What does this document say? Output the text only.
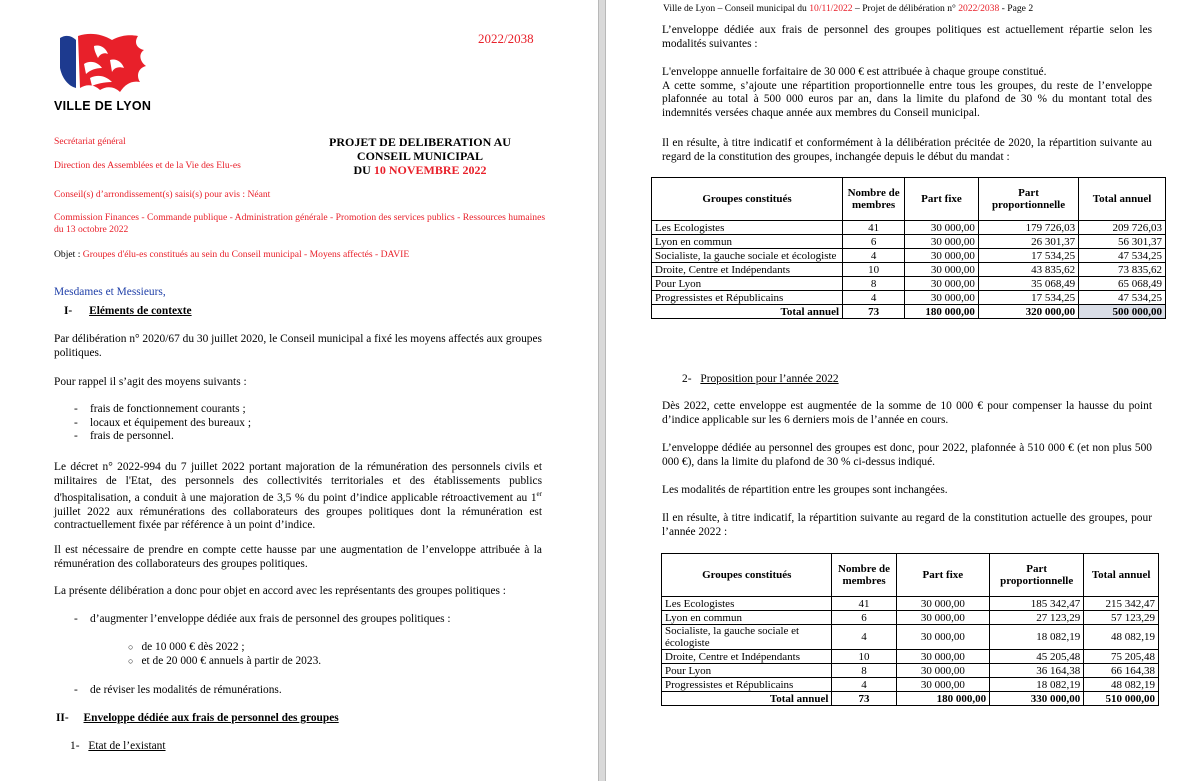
VILLE DE LYON
2022/2038
Secrétariat général
Direction des Assemblées et de la Vie des Elu-es
PROJET DE DELIBERATION AU
CONSEIL MUNICIPAL
DU 10 NOVEMBRE 2022
Conseil(s) d’arrondissement(s) saisi(s) pour avis : Néant
Commission Finances - Commande publique - Administration générale - Promotion des services publics - Ressources humaines du 13 octobre 2022
Objet : Groupes d'élu-es constitués au sein du Conseil municipal - Moyens affectés - DAVIE
Mesdames et Messieurs,
I- Eléments de contexte
Par délibération n° 2020/67 du 30 juillet 2020, le Conseil municipal a fixé les moyens affectés aux groupes politiques.
Pour rappel il s’agit des moyens suivants :
- frais de fonctionnement courants ;
- locaux et équipement des bureaux ;
- frais de personnel.
Le décret n° 2022-994 du 7 juillet 2022 portant majoration de la rémunération des personnels civils et militaires de l'Etat, des personnels des collectivités territoriales et des établissements publics d'hospitalisation, a conduit à une majoration de 3,5 % du point d’indice applicable rétroactivement au 1er juillet 2022 aux rémunérations des collaborateurs des groupes politiques dont la rémunération est contractuellement fixée par référence à un point d’indice.
Il est nécessaire de prendre en compte cette hausse par une augmentation de l’enveloppe attribuée à la rémunération des collaborateurs des groupes politiques.
La présente délibération a donc pour objet en accord avec les représentants des groupes politiques :
- d’augmenter l’enveloppe dédiée aux frais de personnel des groupes politiques :
○ de 10 000 € dès 2022 ;
○ et de 20 000 € annuels à partir de 2023.
- de réviser les modalités de rémunérations.
II- Enveloppe dédiée aux frais de personnel des groupes
1- Etat de l’existant
Ville de Lyon – Conseil municipal du 10/11/2022 – Projet de délibération n° 2022/2038 - Page 2
L’enveloppe dédiée aux frais de personnel des groupes politiques est actuellement répartie selon les modalités suivantes :
L'enveloppe annuelle forfaitaire de 30 000 € est attribuée à chaque groupe constitué.
A cette somme, s’ajoute une répartition proportionnelle entre tous les groupes, du reste de l’enveloppe plafonnée au total à 500 000 euros par an, dans la limite du plafond de 30 % du montant total des indemnités versées chaque année aux membres du Conseil municipal.
Il en résulte, à titre indicatif et conformément à la délibération précitée de 2020, la répartition suivante au regard de la constitution des groupes, inchangée depuis le début du mandat :
Groupes constitués	Nombre de membres	Part fixe	Part proportionnelle	Total annuel
Les Ecologistes	41	30 000,00	179 726,03	209 726,03
Lyon en commun	6	30 000,00	26 301,37	56 301,37
Socialiste, la gauche sociale et écologiste	4	30 000,00	17 534,25	47 534,25
Droite, Centre et Indépendants	10	30 000,00	43 835,62	73 835,62
Pour Lyon	8	30 000,00	35 068,49	65 068,49
Progressistes et Républicains	4	30 000,00	17 534,25	47 534,25
Total annuel	73	180 000,00	320 000,00	500 000,00
2- Proposition pour l’année 2022
Dès 2022, cette enveloppe est augmentée de la somme de 10 000 € pour compenser la hausse du point d’indice applicable sur les 6 derniers mois de l’année en cours.
L’enveloppe dédiée au personnel des groupes est donc, pour 2022, plafonnée à 510 000 € (et non plus 500 000 €), dans la limite du plafond de 30 % ci-dessus indiqué.
Les modalités de répartition entre les groupes sont inchangées.
Il en résulte, à titre indicatif, la répartition suivante au regard de la constitution actuelle des groupes, pour l’année 2022 :
Groupes constitués	Nombre de membres	Part fixe	Part proportionnelle	Total annuel
Les Ecologistes	41	30 000,00	185 342,47	215 342,47
Lyon en commun	6	30 000,00	27 123,29	57 123,29
Socialiste, la gauche sociale et écologiste	4	30 000,00	18 082,19	48 082,19
Droite, Centre et Indépendants	10	30 000,00	45 205,48	75 205,48
Pour Lyon	8	30 000,00	36 164,38	66 164,38
Progressistes et Républicains	4	30 000,00	18 082,19	48 082,19
Total annuel	73	180 000,00	330 000,00	510 000,00
